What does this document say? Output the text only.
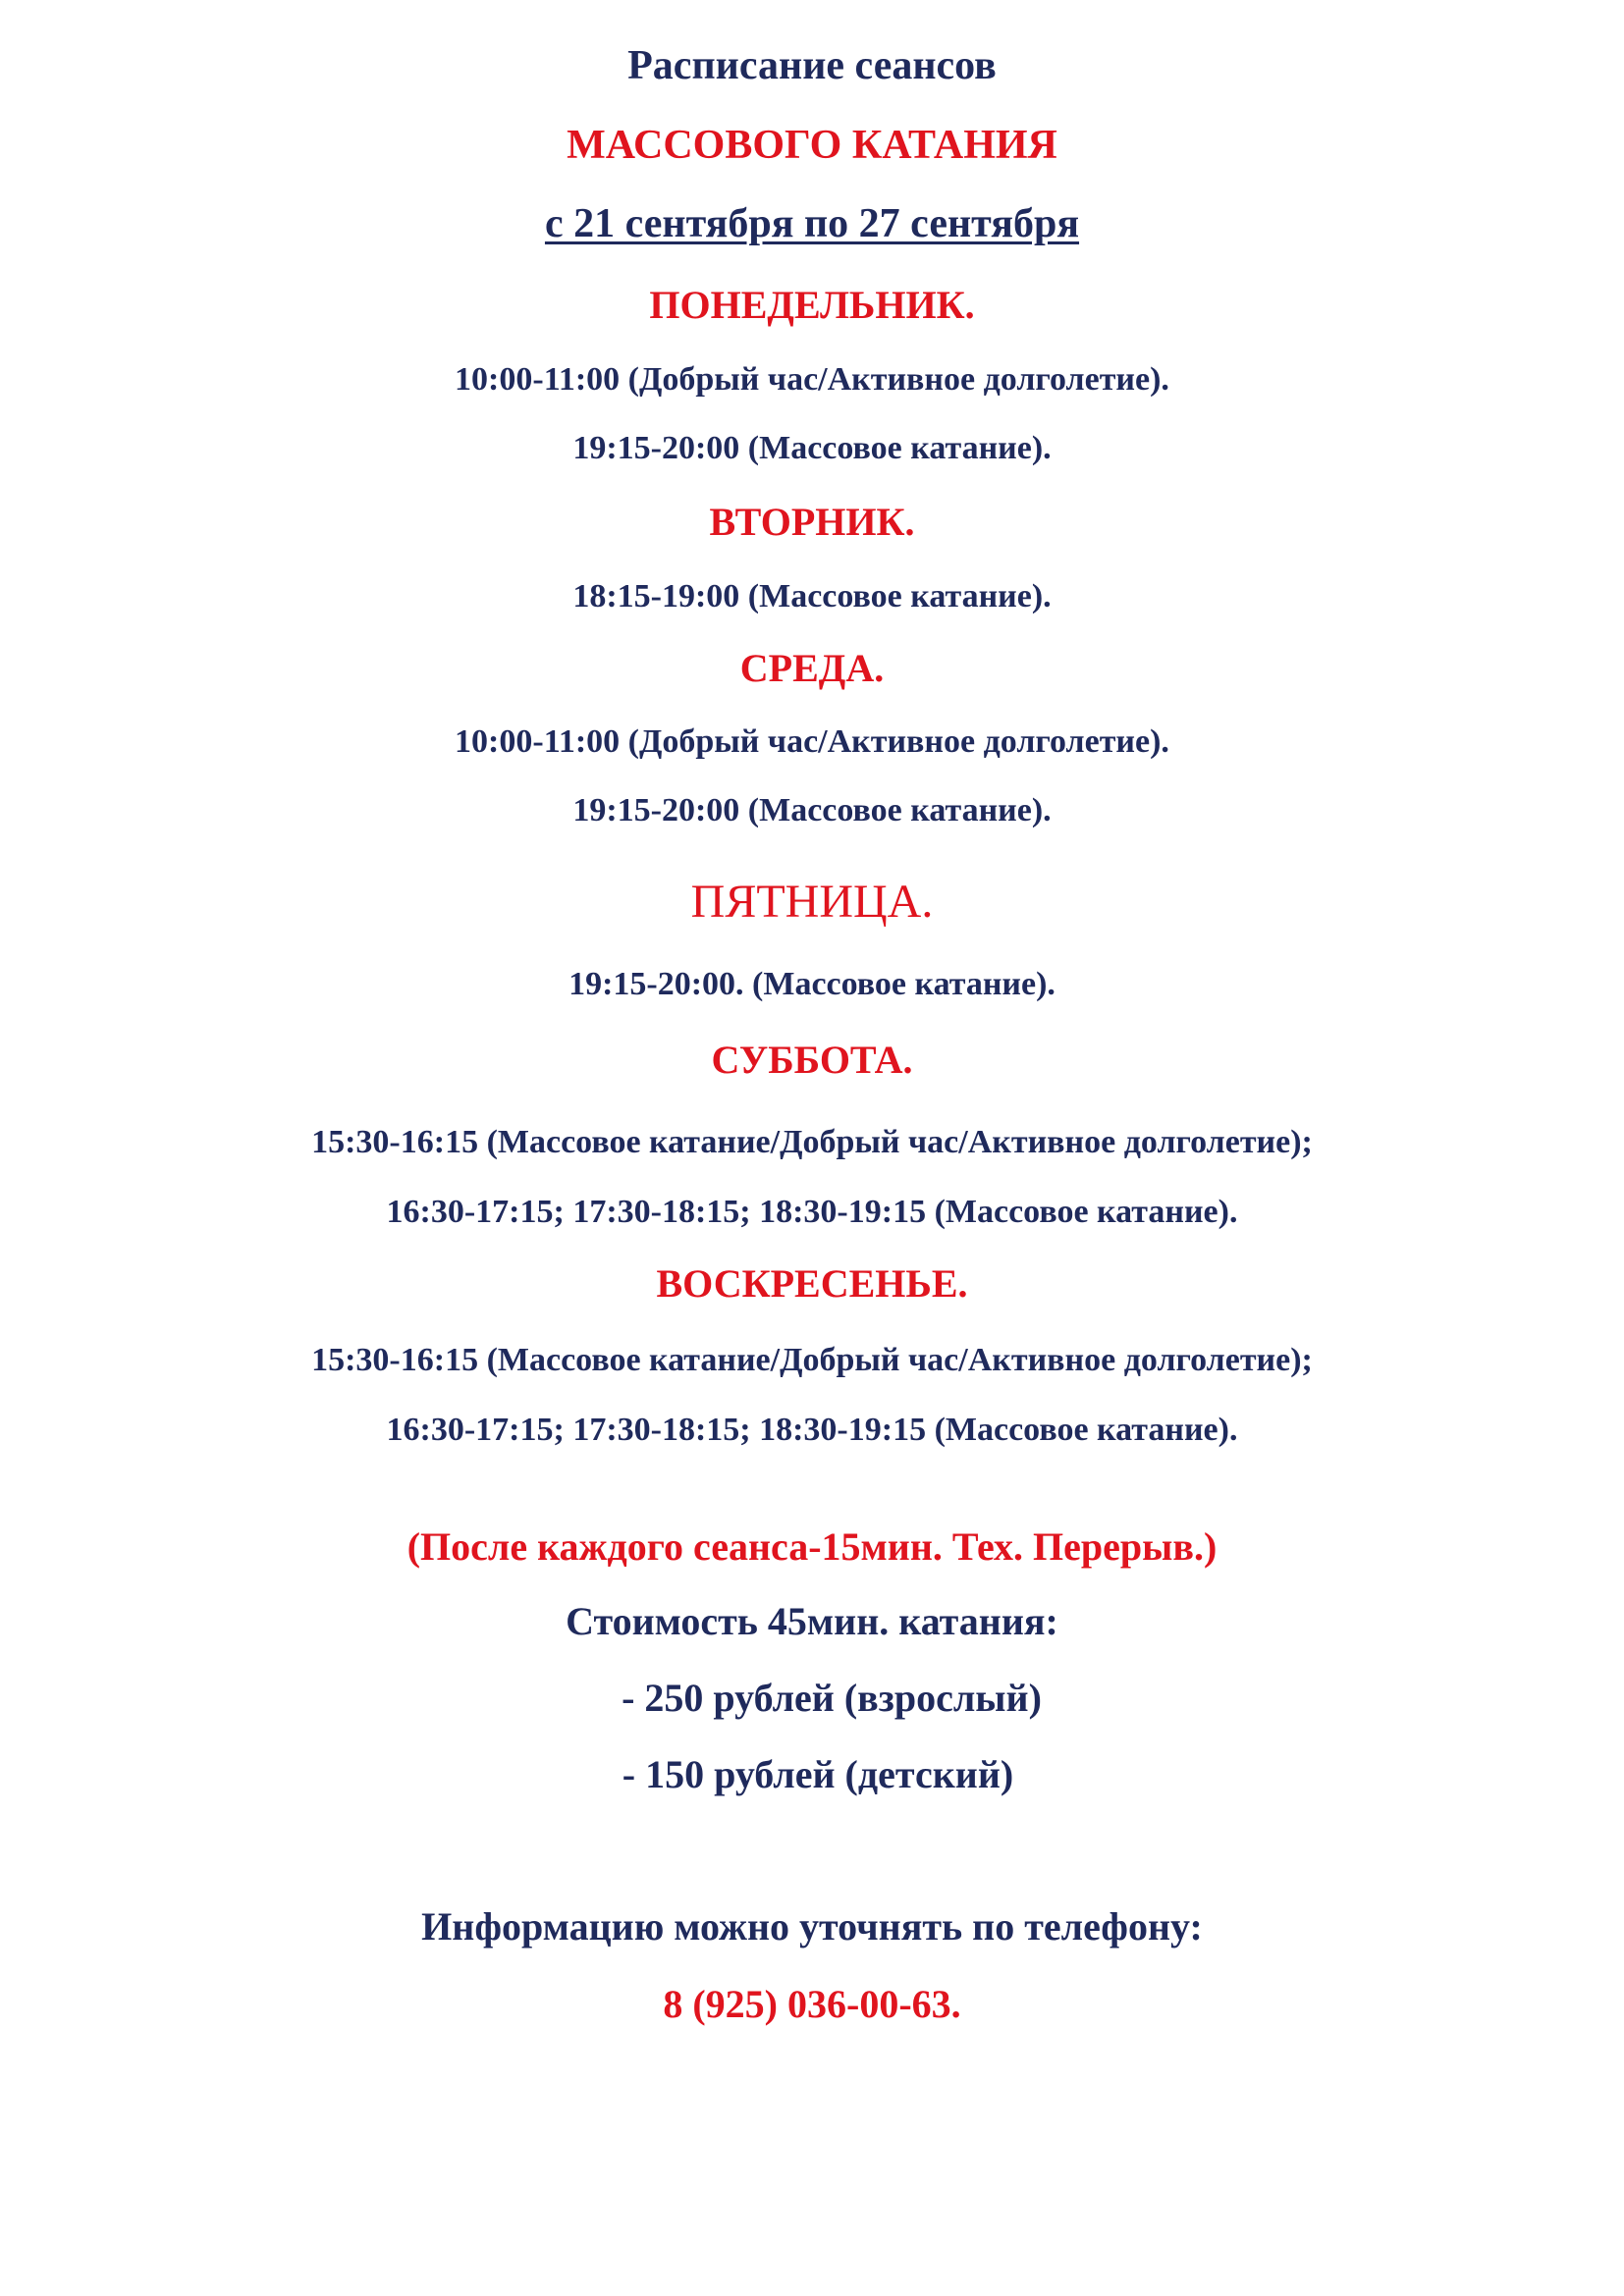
Расписание сеансов
МАССОВОГО КАТАНИЯ
с 21 сентября по 27 сентября
ПОНЕДЕЛЬНИК.
10:00-11:00 (Добрый час/Активное долголетие).
19:15-20:00 (Массовое катание).
ВТОРНИК.
18:15-19:00 (Массовое катание).
СРЕДА.
10:00-11:00 (Добрый час/Активное долголетие).
19:15-20:00 (Массовое катание).
ПЯТНИЦА.
19:15-20:00. (Массовое катание).
СУББОТА.
15:30-16:15 (Массовое катание/Добрый час/Активное долголетие);
16:30-17:15; 17:30-18:15; 18:30-19:15 (Массовое катание).
ВОСКРЕСЕНЬЕ.
15:30-16:15 (Массовое катание/Добрый час/Активное долголетие);
16:30-17:15; 17:30-18:15; 18:30-19:15 (Массовое катание).
(После каждого сеанса-15мин. Тех. Перерыв.)
Стоимость 45мин. катания:
- 250 рублей (взрослый)
- 150 рублей (детский)
Информацию можно уточнять по телефону:
8 (925) 036-00-63.
